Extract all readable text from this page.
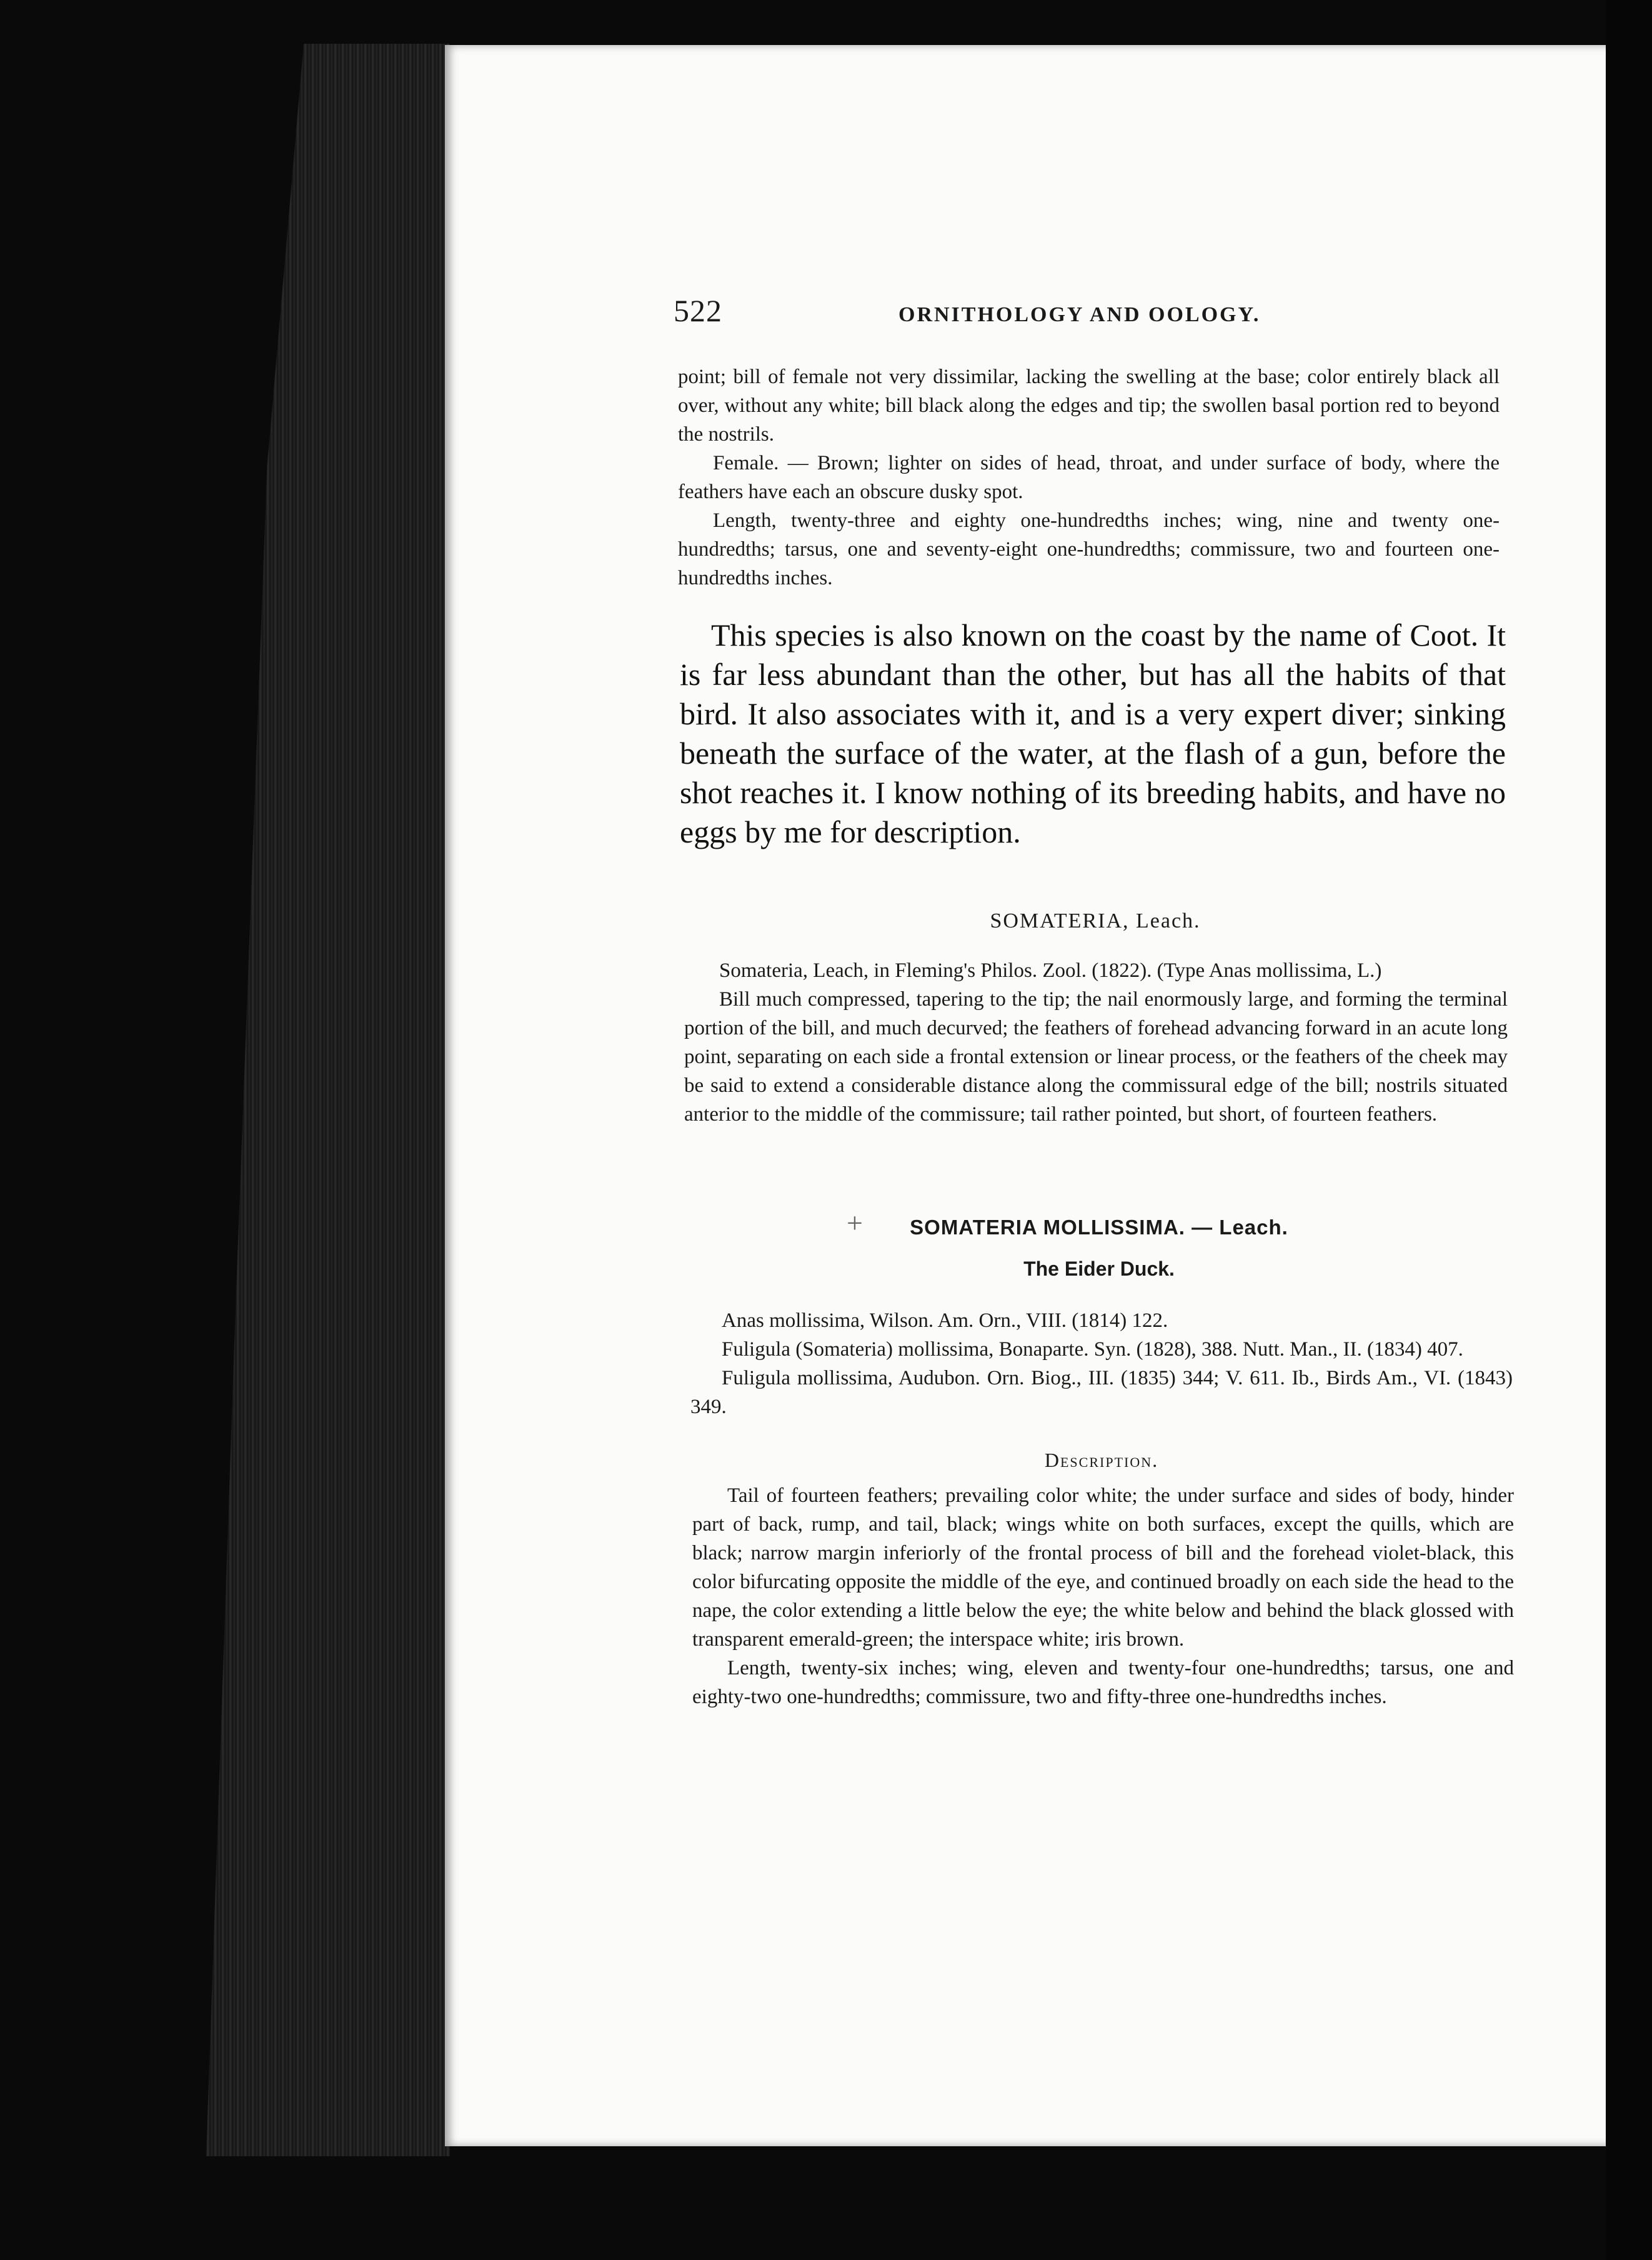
522	ORNITHOLOGY AND OOLOGY.

point; bill of female not very dissimilar, lacking the swelling at the base; color entirely black all over, without any white; bill black along the edges and tip; the swollen basal portion red to beyond the nostrils.

Female. — Brown; lighter on sides of head, throat, and under surface of body, where the feathers have each an obscure dusky spot.

Length, twenty-three and eighty one-hundredths inches; wing, nine and twenty one-hundredths; tarsus, one and seventy-eight one-hundredths; commissure, two and fourteen one-hundredths inches.

This species is also known on the coast by the name of Coot. It is far less abundant than the other, but has all the habits of that bird. It also associates with it, and is a very expert diver; sinking beneath the surface of the water, at the flash of a gun, before the shot reaches it. I know nothing of its breeding habits, and have no eggs by me for description.

SOMATERIA, Leach.

Somateria, Leach, in Fleming's Philos. Zool. (1822). (Type Anas mollissima, L.)

Bill much compressed, tapering to the tip; the nail enormously large, and forming the terminal portion of the bill, and much decurved; the feathers of forehead advancing forward in an acute long point, separating on each side a frontal extension or linear process, or the feathers of the cheek may be said to extend a considerable distance along the commissural edge of the bill; nostrils situated anterior to the middle of the commissure; tail rather pointed, but short, of fourteen feathers.

+	SOMATERIA MOLLISSIMA. — Leach.
The Eider Duck.

Anas mollissima, Wilson. Am. Orn., VIII. (1814) 122.

Fuligula (Somateria) mollissima, Bonaparte. Syn. (1828), 388. Nutt. Man., II. (1834) 407.

Fuligula mollissima, Audubon. Orn. Biog., III. (1835) 344; V. 611. Ib., Birds Am., VI. (1843) 349.

Description.

Tail of fourteen feathers; prevailing color white; the under surface and sides of body, hinder part of back, rump, and tail, black; wings white on both surfaces, except the quills, which are black; narrow margin inferiorly of the frontal process of bill and the forehead violet-black, this color bifurcating opposite the middle of the eye, and continued broadly on each side the head to the nape, the color extending a little below the eye; the white below and behind the black glossed with transparent emerald-green; the interspace white; iris brown.

Length, twenty-six inches; wing, eleven and twenty-four one-hundredths; tarsus, one and eighty-two one-hundredths; commissure, two and fifty-three one-hundredths inches.
